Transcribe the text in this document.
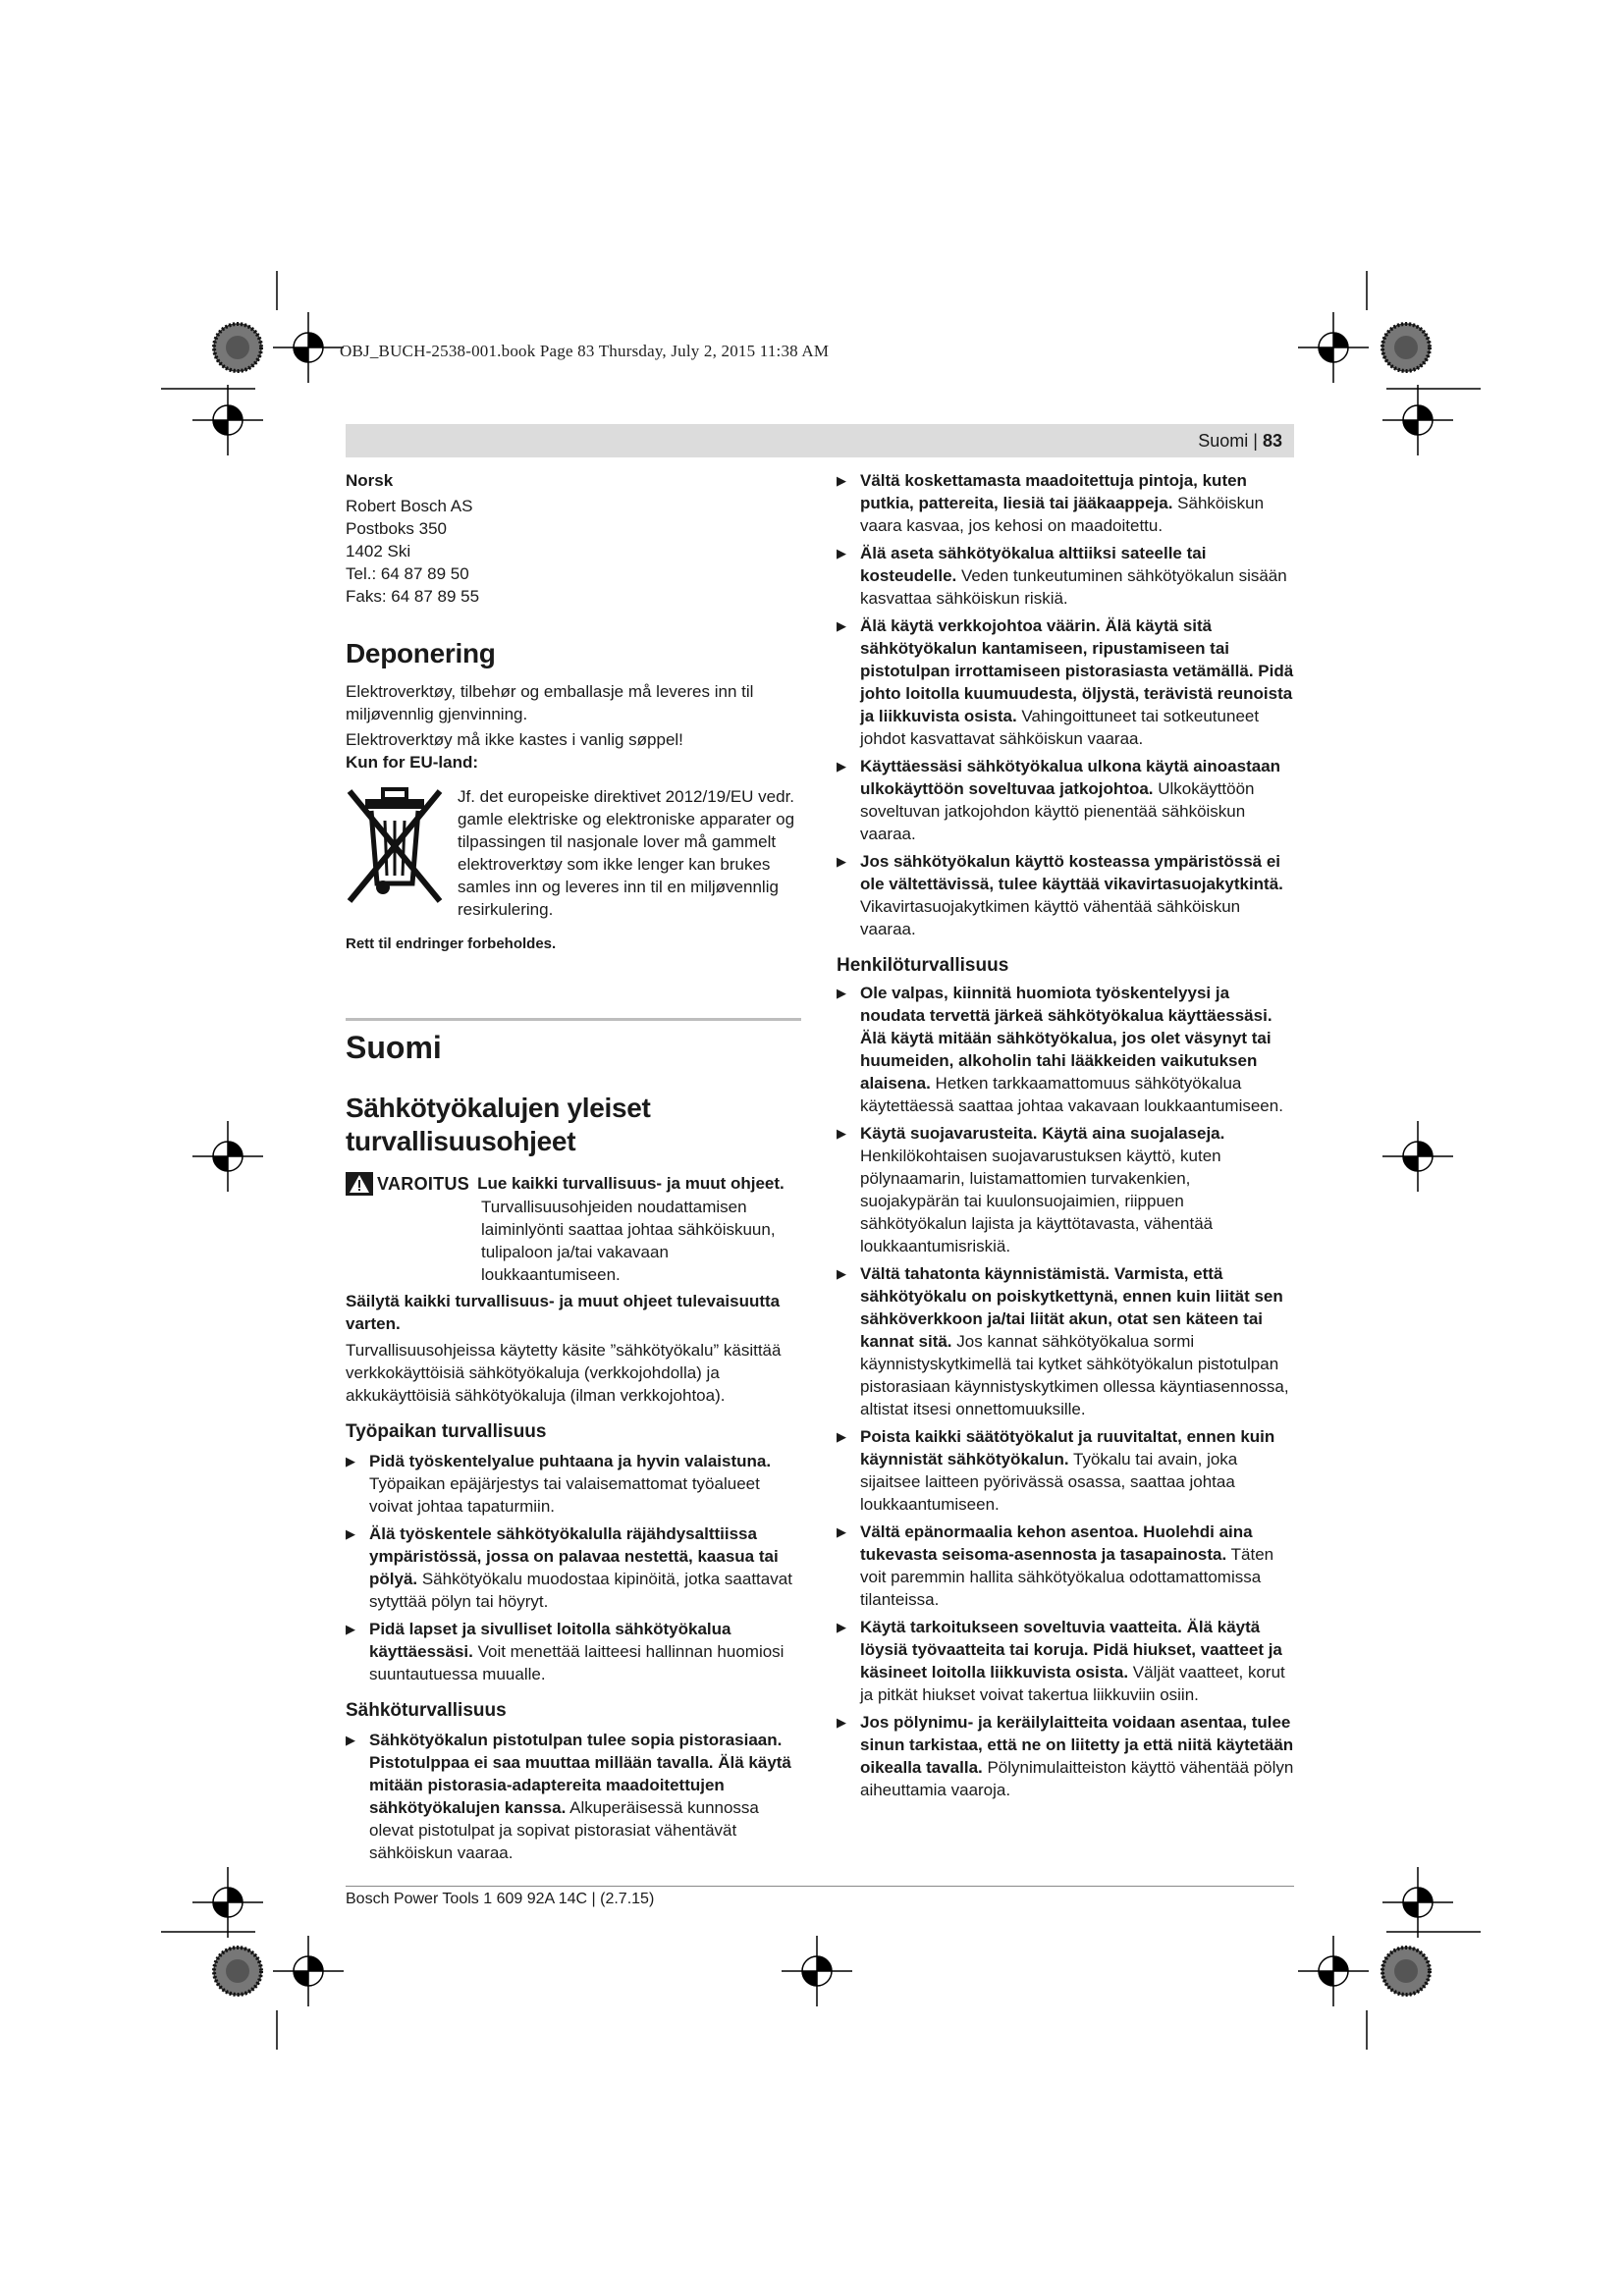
OBJ_BUCH-2538-001.book Page 83 Thursday, July 2, 2015 11:38 AM
Suomi | 83

Norsk

Robert Bosch AS

Postboks 350

1402 Ski

Tel.: 64 87 89 50

Faks: 64 87 89 55

Deponering

Elektroverktøy, tilbehør og emballasje må leveres inn til miljøvennlig gjenvinning.

Elektroverktøy må ikke kastes i vanlig søppel!

Kun for EU-land:

Jf. det europeiske direktivet 2012/19/EU vedr. gamle elektriske og elektroniske apparater og tilpassingen til nasjonale lover må gammelt elektroverktøy som ikke lenger kan brukes samles inn og leveres inn til en miljøvennlig resirkulering.

Rett til endringer forbeholdes.

Suomi
Sähkötyökalujen yleiset turvallisuusohjeet
VAROITUS Lue kaikki turvallisuus- ja muut ohjeet.

Turvallisuusohjeiden noudattamisen laiminlyönti saattaa johtaa sähköiskuun, tulipaloon ja/tai vakavaan loukkaantumiseen.

Säilytä kaikki turvallisuus- ja muut ohjeet tulevaisuutta varten.

Turvallisuusohjeissa käytetty käsite ”sähkötyökalu” käsittää verkkokäyttöisiä sähkötyökaluja (verkkojohdolla) ja akkukäyttöisiä sähkötyökaluja (ilman verkkojohtoa).

Työpaikan turvallisuus
▶ Pidä työskentelyalue puhtaana ja hyvin valaistuna. Työpaikan epäjärjestys tai valaisemattomat työalueet voivat johtaa tapaturmiin.
▶ Älä työskentele sähkötyökalulla räjähdysalttiissa ympäristössä, jossa on palavaa nestettä, kaasua tai pölyä. Sähkötyökalu muodostaa kipinöitä, jotka saattavat sytyttää pölyn tai höyryt.
▶ Pidä lapset ja sivulliset loitolla sähkötyökalua käyttäessäsi. Voit menettää laitteesi hallinnan huomiosi suuntautuessa muualle.
Sähköturvallisuus
▶ Sähkötyökalun pistotulpan tulee sopia pistorasiaan. Pistotulppaa ei saa muuttaa millään tavalla. Älä käytä mitään pistorasia-adaptereita maadoitettujen sähkötyökalujen kanssa. Alkuperäisessä kunnossa olevat pistotulpat ja sopivat pistorasiat vähentävät sähköiskun vaaraa.
▶ Vältä koskettamasta maadoitettuja pintoja, kuten putkia, pattereita, liesiä tai jääkaappeja. Sähköiskun vaara kasvaa, jos kehosi on maadoitettu.
▶ Älä aseta sähkötyökalua alttiiksi sateelle tai kosteudelle. Veden tunkeutuminen sähkötyökalun sisään kasvattaa sähköiskun riskiä.
▶ Älä käytä verkkojohtoa väärin. Älä käytä sitä sähkötyökalun kantamiseen, ripustamiseen tai pistotulpan irrottamiseen pistorasiasta vetämällä. Pidä johto loitolla kuumuudesta, öljystä, terävistä reunoista ja liikkuvista osista. Vahingoittuneet tai sotkeutuneet johdot kasvattavat sähköiskun vaaraa.
▶ Käyttäessäsi sähkötyökalua ulkona käytä ainoastaan ulkokäyttöön soveltuvaa jatkojohtoa. Ulkokäyttöön soveltuvan jatkojohdon käyttö pienentää sähköiskun vaaraa.
▶ Jos sähkötyökalun käyttö kosteassa ympäristössä ei ole vältettävissä, tulee käyttää vikavirtasuojakytkintä. Vikavirtasuojakytkimen käyttö vähentää sähköiskun vaaraa.
Henkilöturvallisuus
▶ Ole valpas, kiinnitä huomiota työskentelyysi ja noudata tervettä järkeä sähkötyökalua käyttäessäsi. Älä käytä mitään sähkötyökalua, jos olet väsynyt tai huumeiden, alkoholin tahi lääkkeiden vaikutuksen alaisena. Hetken tarkkaamattomuus sähkötyökalua käytettäessä saattaa johtaa vakavaan loukkaantumiseen.
▶ Käytä suojavarusteita. Käytä aina suojalaseja. Henkilökohtaisen suojavarustuksen käyttö, kuten pölynaamarin, luistamattomien turvakenkien, suojakypärän tai kuulonsuojaimien, riippuen sähkötyökalun lajista ja käyttötavasta, vähentää loukkaantumisriskiä.
▶ Vältä tahatonta käynnistämistä. Varmista, että sähkötyökalu on poiskytkettynä, ennen kuin liität sen sähköverkkoon ja/tai liität akun, otat sen käteen tai kannat sitä. Jos kannat sähkötyökalua sormi käynnistyskytkimellä tai kytket sähkötyökalun pistotulpan pistorasiaan käynnistyskytkimen ollessa käyntiasennossa, altistat itsesi onnettomuuksille.
▶ Poista kaikki säätötyökalut ja ruuvitaltat, ennen kuin käynnistät sähkötyökalun. Työkalu tai avain, joka sijaitsee laitteen pyörivässä osassa, saattaa johtaa loukkaantumiseen.
▶ Vältä epänormaalia kehon asentoa. Huolehdi aina tukevasta seisoma-asennosta ja tasapainosta. Täten voit paremmin hallita sähkötyökalua odottamattomissa tilanteissa.
▶ Käytä tarkoitukseen soveltuvia vaatteita. Älä käytä löysiä työvaatteita tai koruja. Pidä hiukset, vaatteet ja käsineet loitolla liikkuvista osista. Väljät vaatteet, korut ja pitkät hiukset voivat takertua liikkuviin osiin.
▶ Jos pölynimu- ja keräilylaitteita voidaan asentaa, tulee sinun tarkistaa, että ne on liitetty ja että niitä käytetään oikealla tavalla. Pölynimulaitteiston käyttö vähentää pölyn aiheuttamia vaaroja.
Bosch Power Tools 1 609 92A 14C | (2.7.15)
